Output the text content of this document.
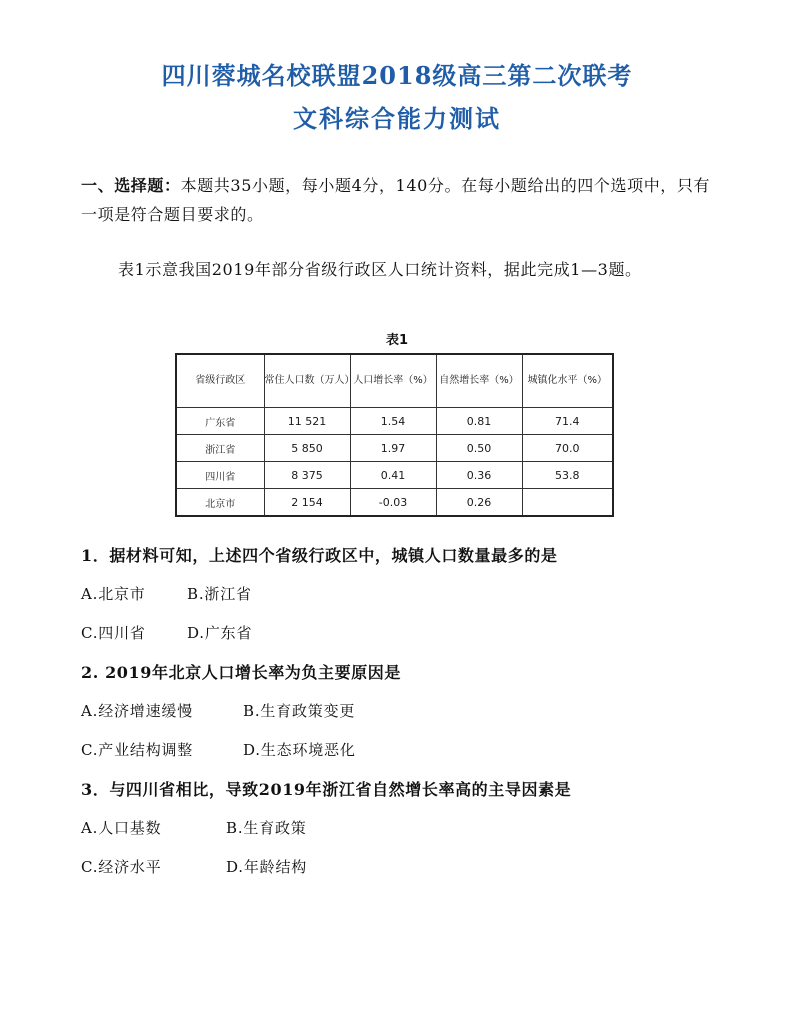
四川蓉城名校联盟2018级高三第二次联考
文科综合能力测试
一、选择题：本题共35小题，每小题4分，140分。在每小题给出的四个选项中，只有一项是符合题目要求的。
表1示意我国2019年部分省级行政区人口统计资料，据此完成1—3题。
表1
省级行政区	常住人口数（万人）	人口增长率（%）	自然增长率（%）	城镇化水平（%）
广东省	11 521	1.54	0.81	71.4
浙江省	5 850	1.97	0.50	70.0
四川省	8 375	0.41	0.36	53.8
北京市	2 154	-0.03	0.26	
1．据材料可知，上述四个省级行政区中，城镇人口数量最多的是
A.北京市	B.浙江省
C.四川省	D.广东省
2. 2019年北京人口增长率为负主要原因是
A.经济增速缓慢	B.生育政策变更
C.产业结构调整	D.生态环境恶化
3．与四川省相比，导致2019年浙江省自然增长率高的主导因素是
A.人口基数	B.生育政策
C.经济水平	D.年龄结构
